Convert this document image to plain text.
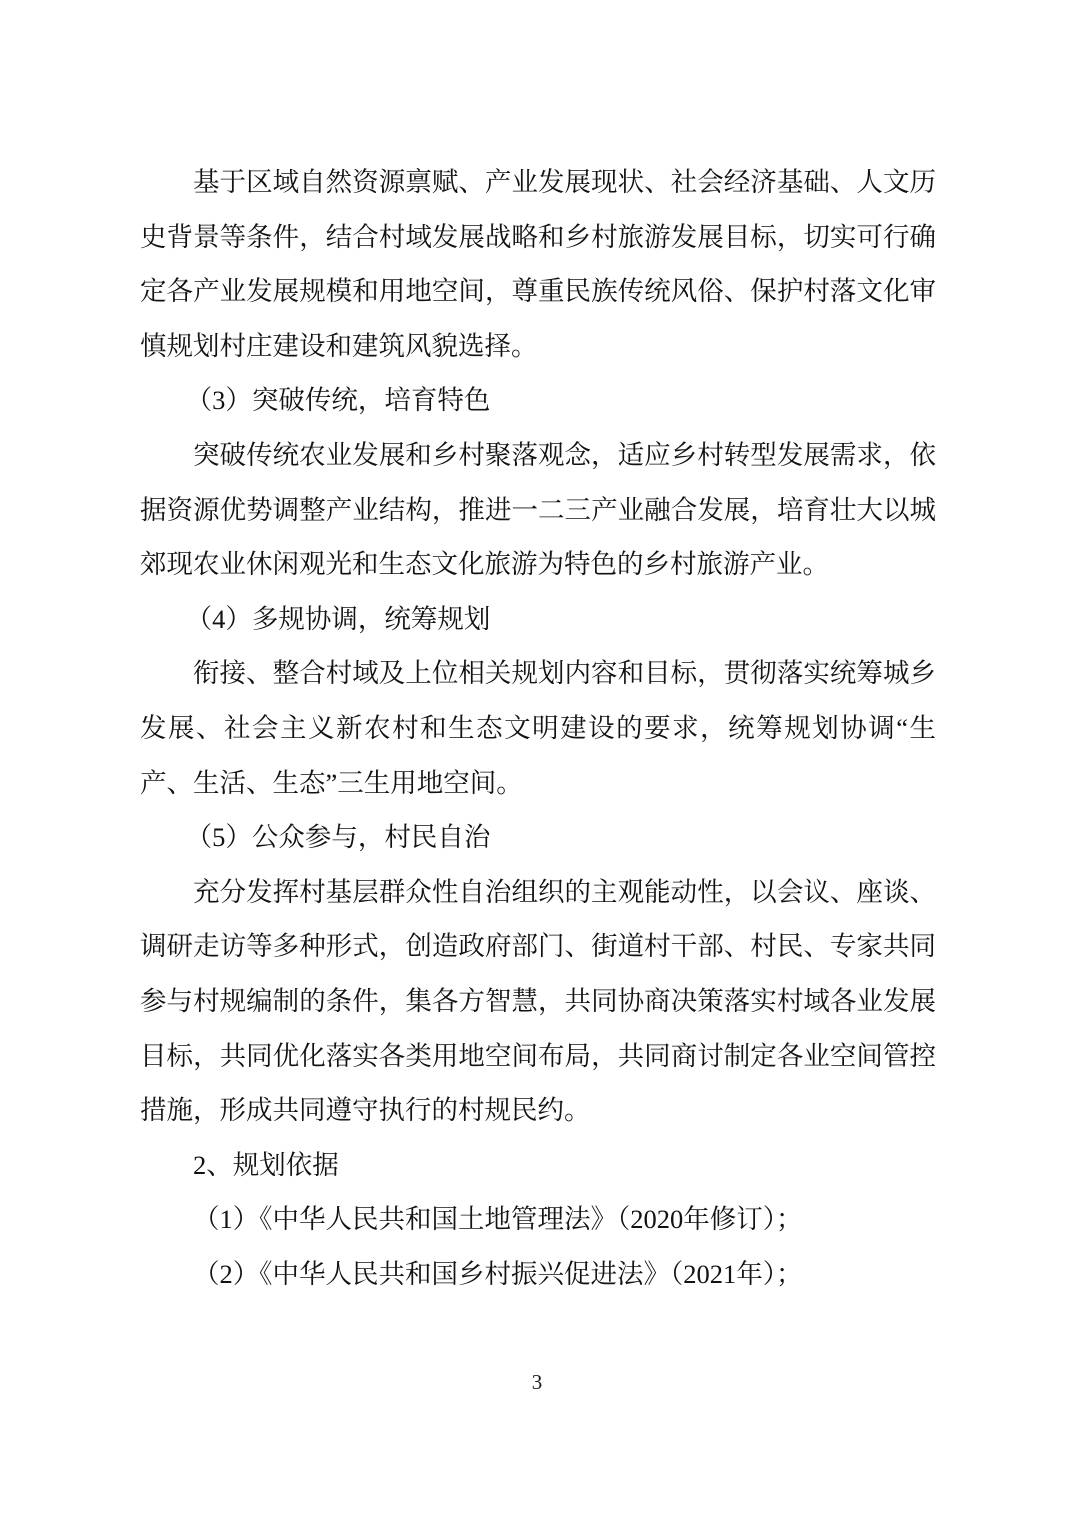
基于区域自然资源禀赋、产业发展现状、社会经济基础、人文历史背景等条件，结合村域发展战略和乡村旅游发展目标，切实可行确定各产业发展规模和用地空间，尊重民族传统风俗、保护村落文化审慎规划村庄建设和建筑风貌选择。

（3）突破传统，培育特色

突破传统农业发展和乡村聚落观念，适应乡村转型发展需求，依据资源优势调整产业结构，推进一二三产业融合发展，培育壮大以城郊现农业休闲观光和生态文化旅游为特色的乡村旅游产业。

（4）多规协调，统筹规划

衔接、整合村域及上位相关规划内容和目标，贯彻落实统筹城乡发展、社会主义新农村和生态文明建设的要求，统筹规划协调“生产、生活、生态”三生用地空间。

（5）公众参与，村民自治

充分发挥村基层群众性自治组织的主观能动性，以会议、座谈、调研走访等多种形式，创造政府部门、街道村干部、村民、专家共同参与村规编制的条件，集各方智慧，共同协商决策落实村域各业发展目标，共同优化落实各类用地空间布局，共同商讨制定各业空间管控措施，形成共同遵守执行的村规民约。

2、规划依据

（1）《中华人民共和国土地管理法》（2020年修订）；

（2）《中华人民共和国乡村振兴促进法》（2021年）；

3
